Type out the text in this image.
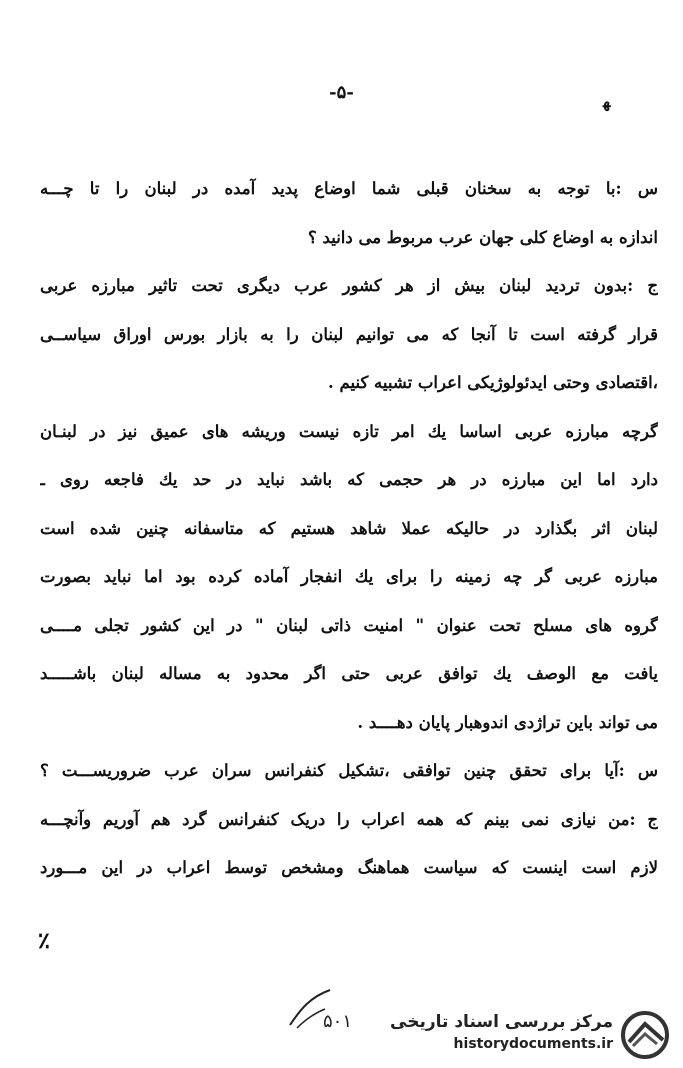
-۵-	ﻬ
س :با توجه به سخنان قبلی شما اوضاع پدید آمده در لبنان را تا چـــه
اندازه به اوضاع کلی جهان عرب مربوط می دانید ؟
ج :بدون تردید لبنان بیش از هر کشور عرب دیگری تحت تاثیر مبارزه عربی
قرار گرفته است تا آنجا که می توانیم لبنان را به بازار بورس اوراق سیاســی
،اقتصادی وحتی ایدئولوژیکی اعراب تشبیه کنیم .
گرچه مبارزه عربی اساسا یك امر تازه نیست وریشه های عمیق نیز در لبنـان
دارد اما این مبارزه در هر حجمی که باشد نباید در حد یك فاجعه روی ـ
لبنان اثر بگذارد در حالیکه عملا شاهد هستیم که متاسفانه چنین شده است
مبارزه عربی گر چه زمینه را برای یك انفجار آماده کرده بود اما نباید بصورت
گروه های مسلح تحت عنوان " امنیت ذاتی لبنان " در این کشور تجلی مــــی
یافت مع الوصف یك توافق عربی حتی اگر محدود به مساله لبنان باشـــــد
می تواند باین تراژدی اندوهبار پایان دهــــد .
س :آیا برای تحقق چنین توافقی ،تشکیل کنفرانس سران عرب ضروریســـت ؟
ج :من نیازی نمی بینم که همه اعراب را دریک کنفرانس گرد هم آوریم وآنچـــه
لازم است اینست که سیاست هماهنگ ومشخص توسط اعراب در این مـــورد
٪
۵۰۱ مرکز بررسی اسناد تاریخی
historydocuments.ir
